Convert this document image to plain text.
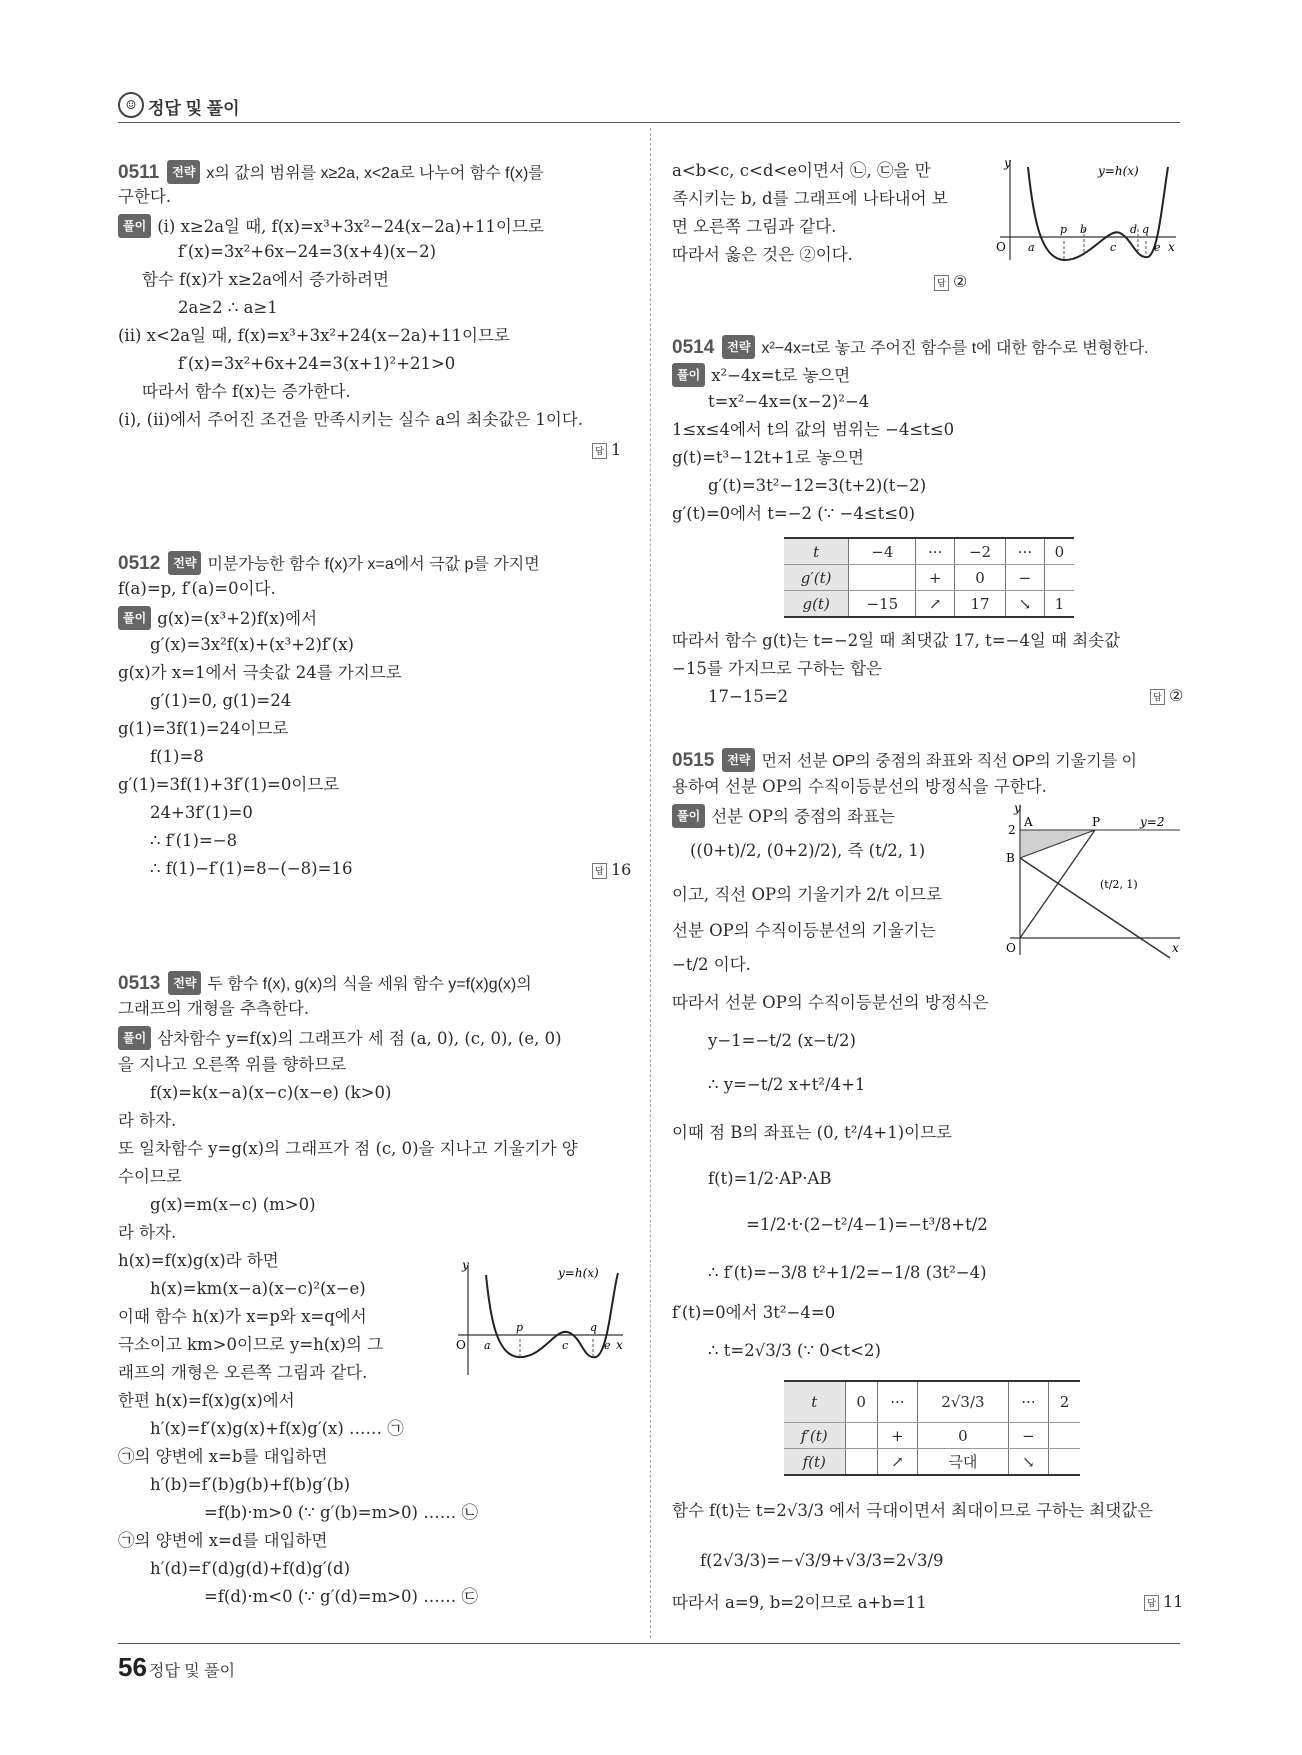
☺ 정답 및 풀이
0511 전략 x의 값의 범위를 x≥2a, x<2a로 나누어 함수 f(x)를
구한다.
풀이 (i) x≥2a일 때, f(x)=x³+3x²−24(x−2a)+11이므로
f′(x)=3x²+6x−24=3(x+4)(x−2)
함수 f(x)가 x≥2a에서 증가하려면
2a≥2 ∴ a≥1
(ii) x<2a일 때, f(x)=x³+3x²+24(x−2a)+11이므로
f′(x)=3x²+6x+24=3(x+1)²+21>0
따라서 함수 f(x)는 증가한다.
(i), (ii)에서 주어진 조건을 만족시키는 실수 a의 최솟값은 1이다.
답 1
0512 전략 미분가능한 함수 f(x)가 x=a에서 극값 p를 가지면
f(a)=p, f′(a)=0이다.
풀이 g(x)=(x³+2)f(x)에서
g′(x)=3x²f(x)+(x³+2)f′(x)
g(x)가 x=1에서 극솟값 24를 가지므로
g′(1)=0, g(1)=24
g(1)=3f(1)=24이므로
f(1)=8
g′(1)=3f(1)+3f′(1)=0이므로
24+3f′(1)=0
∴ f′(1)=−8
∴ f(1)−f′(1)=8−(−8)=16	답 16
0513 전략 두 함수 f(x), g(x)의 식을 세워 함수 y=f(x)g(x)의
그래프의 개형을 추측한다.
풀이 삼차함수 y=f(x)의 그래프가 세 점 (a, 0), (c, 0), (e, 0)
을 지나고 오른쪽 위를 향하므로
f(x)=k(x−a)(x−c)(x−e) (k>0)
라 하자.
또 일차함수 y=g(x)의 그래프가 점 (c, 0)을 지나고 기울기가 양
수이므로
g(x)=m(x−c) (m>0)
라 하자.
h(x)=f(x)g(x)라 하면
h(x)=km(x−a)(x−c)²(x−e)
이때 함수 h(x)가 x=p와 x=q에서
극소이고 km>0이므로 y=h(x)의 그
래프의 개형은 오른쪽 그림과 같다.
한편 h(x)=f(x)g(x)에서
h′(x)=f′(x)g(x)+f(x)g′(x) …… ㉠
㉠의 양변에 x=b를 대입하면
h′(b)=f′(b)g(b)+f(b)g′(b)
=f(b)·m>0 (∵ g′(b)=m>0) …… ㉡
㉠의 양변에 x=d를 대입하면
h′(d)=f′(d)g(d)+f(d)g′(d)
=f(d)·m<0 (∵ g′(d)=m>0) …… ㉢
y
y=h(x)
O	x
a
p
c
q
e
a<b<c, c<d<e이면서 ㉡, ㉢을 만
족시키는 b, d를 그래프에 나타내어 보
면 오른쪽 그림과 같다.
따라서 옳은 것은 ②이다.
답 ②
y
y=h(x)
O	x
a
p b
c
d q
e
0514 전략 x²−4x=t로 놓고 주어진 함수를 t에 대한 함수로 변형한다.
풀이 x²−4x=t로 놓으면
t=x²−4x=(x−2)²−4
1≤x≤4에서 t의 값의 범위는 −4≤t≤0
g(t)=t³−12t+1로 놓으면
g′(t)=3t²−12=3(t+2)(t−2)
g′(t)=0에서 t=−2 (∵ −4≤t≤0)
t	−4	···	−2	···	0
g′(t)		+	0	−	
g(t)	−15	↗	17	↘	1
따라서 함수 g(t)는 t=−2일 때 최댓값 17, t=−4일 때 최솟값
−15를 가지므로 구하는 합은
17−15=2	답 ②
0515 전략 먼저 선분 OP의 중점의 좌표와 직선 OP의 기울기를 이
용하여 선분 OP의 수직이등분선의 방정식을 구한다.
풀이 선분 OP의 중점의 좌표는
((0+t)/2, (0+2)/2), 즉 (t/2, 1)
이고, 직선 OP의 기울기가 2/t 이므로
선분 OP의 수직이등분선의 기울기는
−t/2 이다.
따라서 선분 OP의 수직이등분선의 방정식은
y−1=−t/2 (x−t/2)
∴ y=−t/2 x+t²/4+1
이때 점 B의 좌표는 (0, t²/4+1)이므로
f(t)=1/2·AP·AB
=1/2·t·(2−t²/4−1)=−t³/8+t/2
∴ f′(t)=−3/8 t²+1/2=−1/8 (3t²−4)
f′(t)=0에서 3t²−4=0
∴ t=2√3/3 (∵ 0<t<2)
t	0	···	2√3/3	···	2
f′(t)		+	0	−	
f(t)		↗	극대	↘	
함수 f(t)는 t=2√3/3 에서 극대이면서 최대이므로 구하는 최댓값은
f(2√3/3)=−√3/9+√3/3=2√3/9
따라서 a=9, b=2이므로 a+b=11	답 11
y
2
A	P	y=2
B
O	x
(t/2, 1)
56 정답 및 풀이
